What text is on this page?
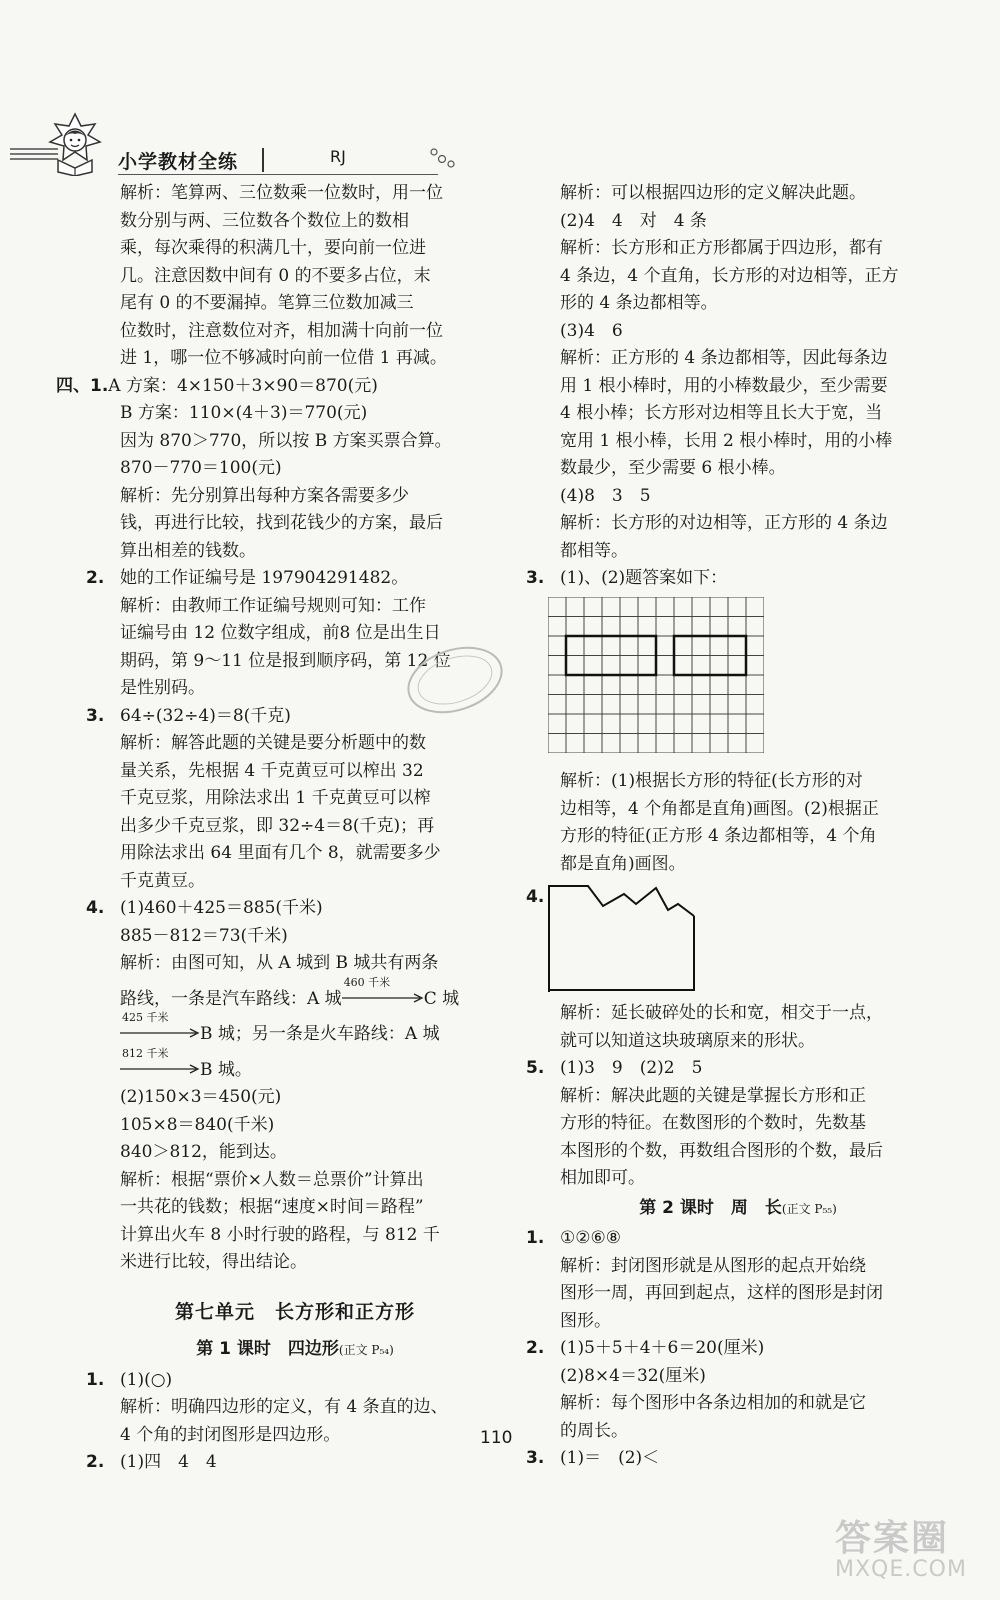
小学教材全练	RJ

解析：笔算两、三位数乘一位数时，用一位

数分别与两、三位数各个数位上的数相

乘，每次乘得的积满几十，要向前一位进

几。注意因数中间有 0 的不要多占位，末

尾有 0 的不要漏掉。笔算三位数加减三

位数时，注意数位对齐，相加满十向前一位

进 1，哪一位不够减时向前一位借 1 再减。

四、1.A 方案：4×150＋3×90＝870(元)

B 方案：110×(4＋3)＝770(元)

因为 870＞770，所以按 B 方案买票合算。

870－770＝100(元)

解析：先分别算出每种方案各需要多少

钱，再进行比较，找到花钱少的方案，最后

算出相差的钱数。

2. 她的工作证编号是 197904291482。

解析：由教师工作证编号规则可知：工作

证编号由 12 位数字组成，前8 位是出生日

期码，第 9～11 位是报到顺序码，第 12 位

是性别码。

3. 64÷(32÷4)＝8(千克)

解析：解答此题的关键是要分析题中的数

量关系，先根据 4 千克黄豆可以榨出 32

千克豆浆，用除法求出 1 千克黄豆可以榨

出多少千克豆浆，即 32÷4＝8(千克)；再

用除法求出 64 里面有几个 8，就需要多少

千克黄豆。

4. (1)460＋425＝885(千米)

885－812＝73(千米)

解析：由图可知，从 A 城到 B 城共有两条

路线，一条是汽车路线：A 城
460 千米
C 城

425 千米
B 城；另一条是火车路线：A 城

812 千米
B 城。

(2)150×3＝450(元)

105×8＝840(千米)

840＞812，能到达。

解析：根据“票价×人数＝总票价”计算出

一共花的钱数；根据“速度×时间＝路程”

计算出火车 8 小时行驶的路程，与 812 千

米进行比较，得出结论。

第七单元　长方形和正方形
第 1 课时　四边形(正文 P₅₄)

1. (1)(○)

解析：明确四边形的定义，有 4 条直的边、

4 个角的封闭图形是四边形。

2. (1)四　4　4

解析：可以根据四边形的定义解决此题。

(2)4　4　对　4 条

解析：长方形和正方形都属于四边形，都有

4 条边，4 个直角，长方形的对边相等，正方

形的 4 条边都相等。

(3)4　6

解析：正方形的 4 条边都相等，因此每条边

用 1 根小棒时，用的小棒数最少，至少需要

4 根小棒；长方形对边相等且长大于宽，当

宽用 1 根小棒，长用 2 根小棒时，用的小棒

数最少，至少需要 6 根小棒。

(4)8　3　5

解析：长方形的对边相等，正方形的 4 条边

都相等。

3. (1)、(2)题答案如下：

解析：(1)根据长方形的特征(长方形的对

边相等，4 个角都是直角)画图。(2)根据正

方形的特征(正方形 4 条边都相等，4 个角

都是直角)画图。

4.

解析：延长破碎处的长和宽，相交于一点，

就可以知道这块玻璃原来的形状。

5. (1)3　9　(2)2　5

解析：解决此题的关键是掌握长方形和正

方形的特征。在数图形的个数时，先数基

本图形的个数，再数组合图形的个数，最后

相加即可。

第 2 课时　周　长(正文 P₅₅)

1. ①②⑥⑧

解析：封闭图形就是从图形的起点开始绕

图形一周，再回到起点，这样的图形是封闭

图形。

2. (1)5＋5＋4＋6＝20(厘米)

(2)8×4＝32(厘米)

解析：每个图形中各条边相加的和就是它

的周长。

3. (1)＝　(2)＜

110
答案圈
MXQE.COM
